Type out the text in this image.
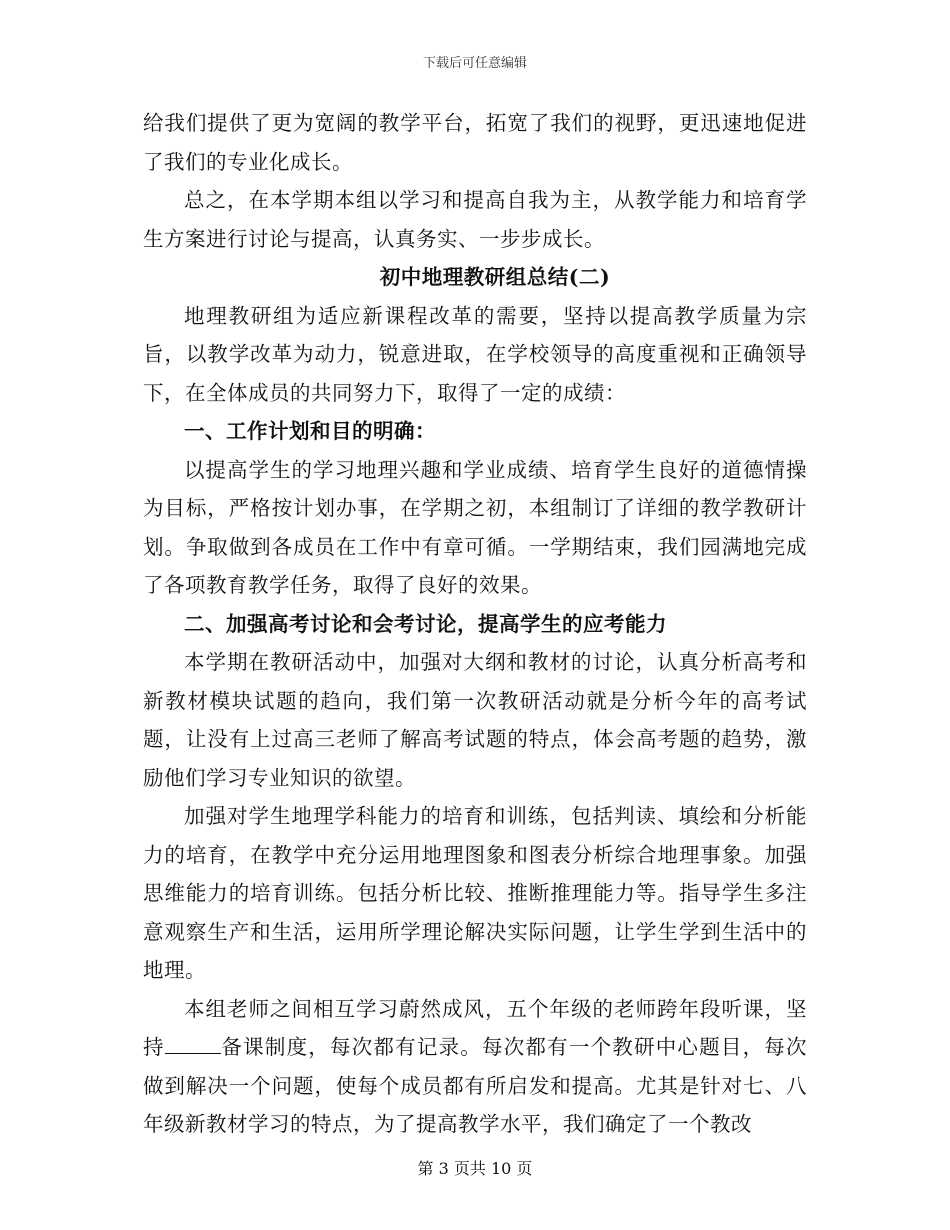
下载后可任意编辑

给我们提供了更为宽阔的教学平台，拓宽了我们的视野，更迅速地促进了我们的专业化成长。

总之，在本学期本组以学习和提高自我为主，从教学能力和培育学生方案进行讨论与提高，认真务实、一步步成长。

初中地理教研组总结(二)

地理教研组为适应新课程改革的需要，坚持以提高教学质量为宗旨，以教学改革为动力，锐意进取，在学校领导的高度重视和正确领导下，在全体成员的共同努力下，取得了一定的成绩：

一、工作计划和目的明确：

以提高学生的学习地理兴趣和学业成绩、培育学生良好的道德情操为目标，严格按计划办事，在学期之初，本组制订了详细的教学教研计划。争取做到各成员在工作中有章可循。一学期结束，我们园满地完成了各项教育教学任务，取得了良好的效果。

二、加强高考讨论和会考讨论，提高学生的应考能力

本学期在教研活动中，加强对大纲和教材的讨论，认真分析高考和新教材模块试题的趋向，我们第一次教研活动就是分析今年的高考试题，让没有上过高三老师了解高考试题的特点，体会高考题的趋势，激励他们学习专业知识的欲望。

加强对学生地理学科能力的培育和训练，包括判读、填绘和分析能力的培育，在教学中充分运用地理图象和图表分析综合地理事象。加强思维能力的培育训练。包括分析比较、推断推理能力等。指导学生多注意观察生产和生活，运用所学理论解决实际问题，让学生学到生活中的地理。

本组老师之间相互学习蔚然成风，五个年级的老师跨年段听课，坚持	备课制度，每次都有记录。每次都有一个教研中心题目，每次做到解决一个问题，使每个成员都有所启发和提高。尤其是针对七、八年级新教材学习的特点，为了提高教学水平，我们确定了一个教改

第 3 页共 10 页
